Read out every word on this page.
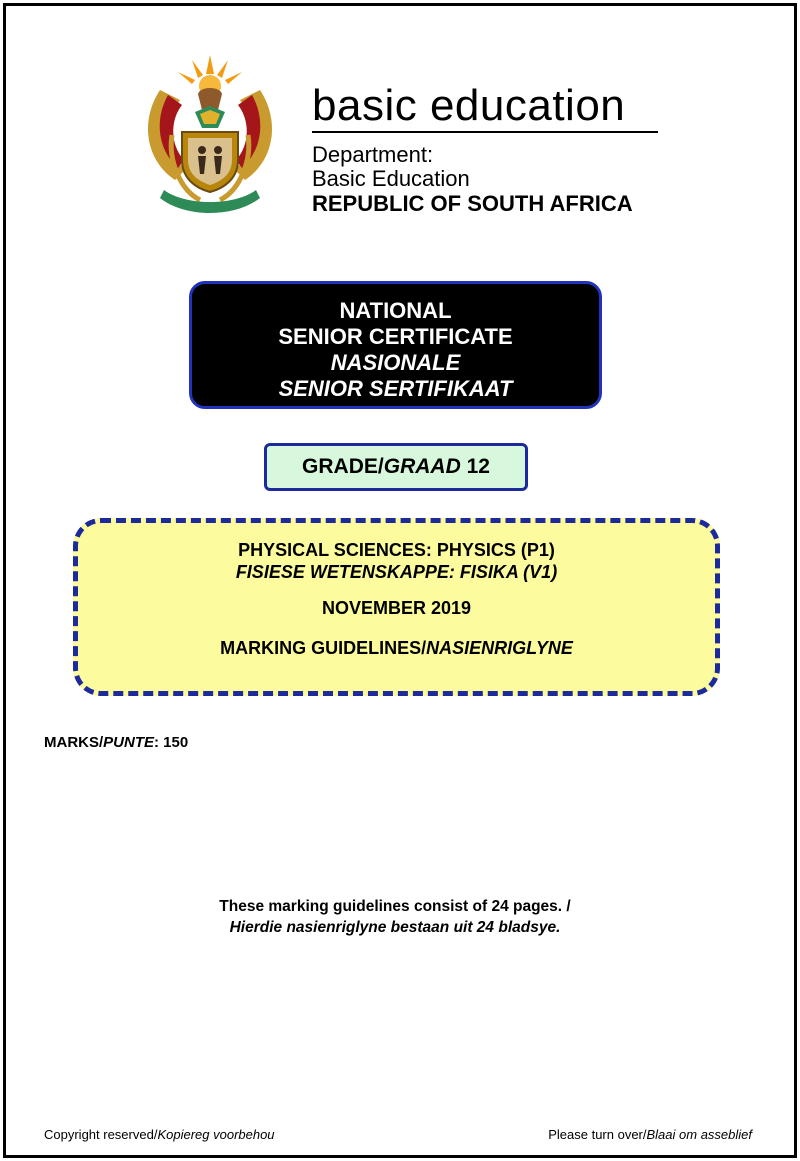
basic education
Department:
Basic Education
REPUBLIC OF SOUTH AFRICA
NATIONAL
SENIOR CERTIFICATE
NASIONALE
SENIOR SERTIFIKAAT
GRADE/GRAAD 12
PHYSICAL SCIENCES: PHYSICS (P1)
FISIESE WETENSKAPPE: FISIKA (V1)
NOVEMBER 2019
MARKING GUIDELINES/NASIENRIGLYNE
MARKS/PUNTE: 150
These marking guidelines consist of 24 pages. /
Hierdie nasienriglyne bestaan uit 24 bladsye.
Copyright reserved/Kopiereg voorbehou	Please turn over/Blaai om asseblief
